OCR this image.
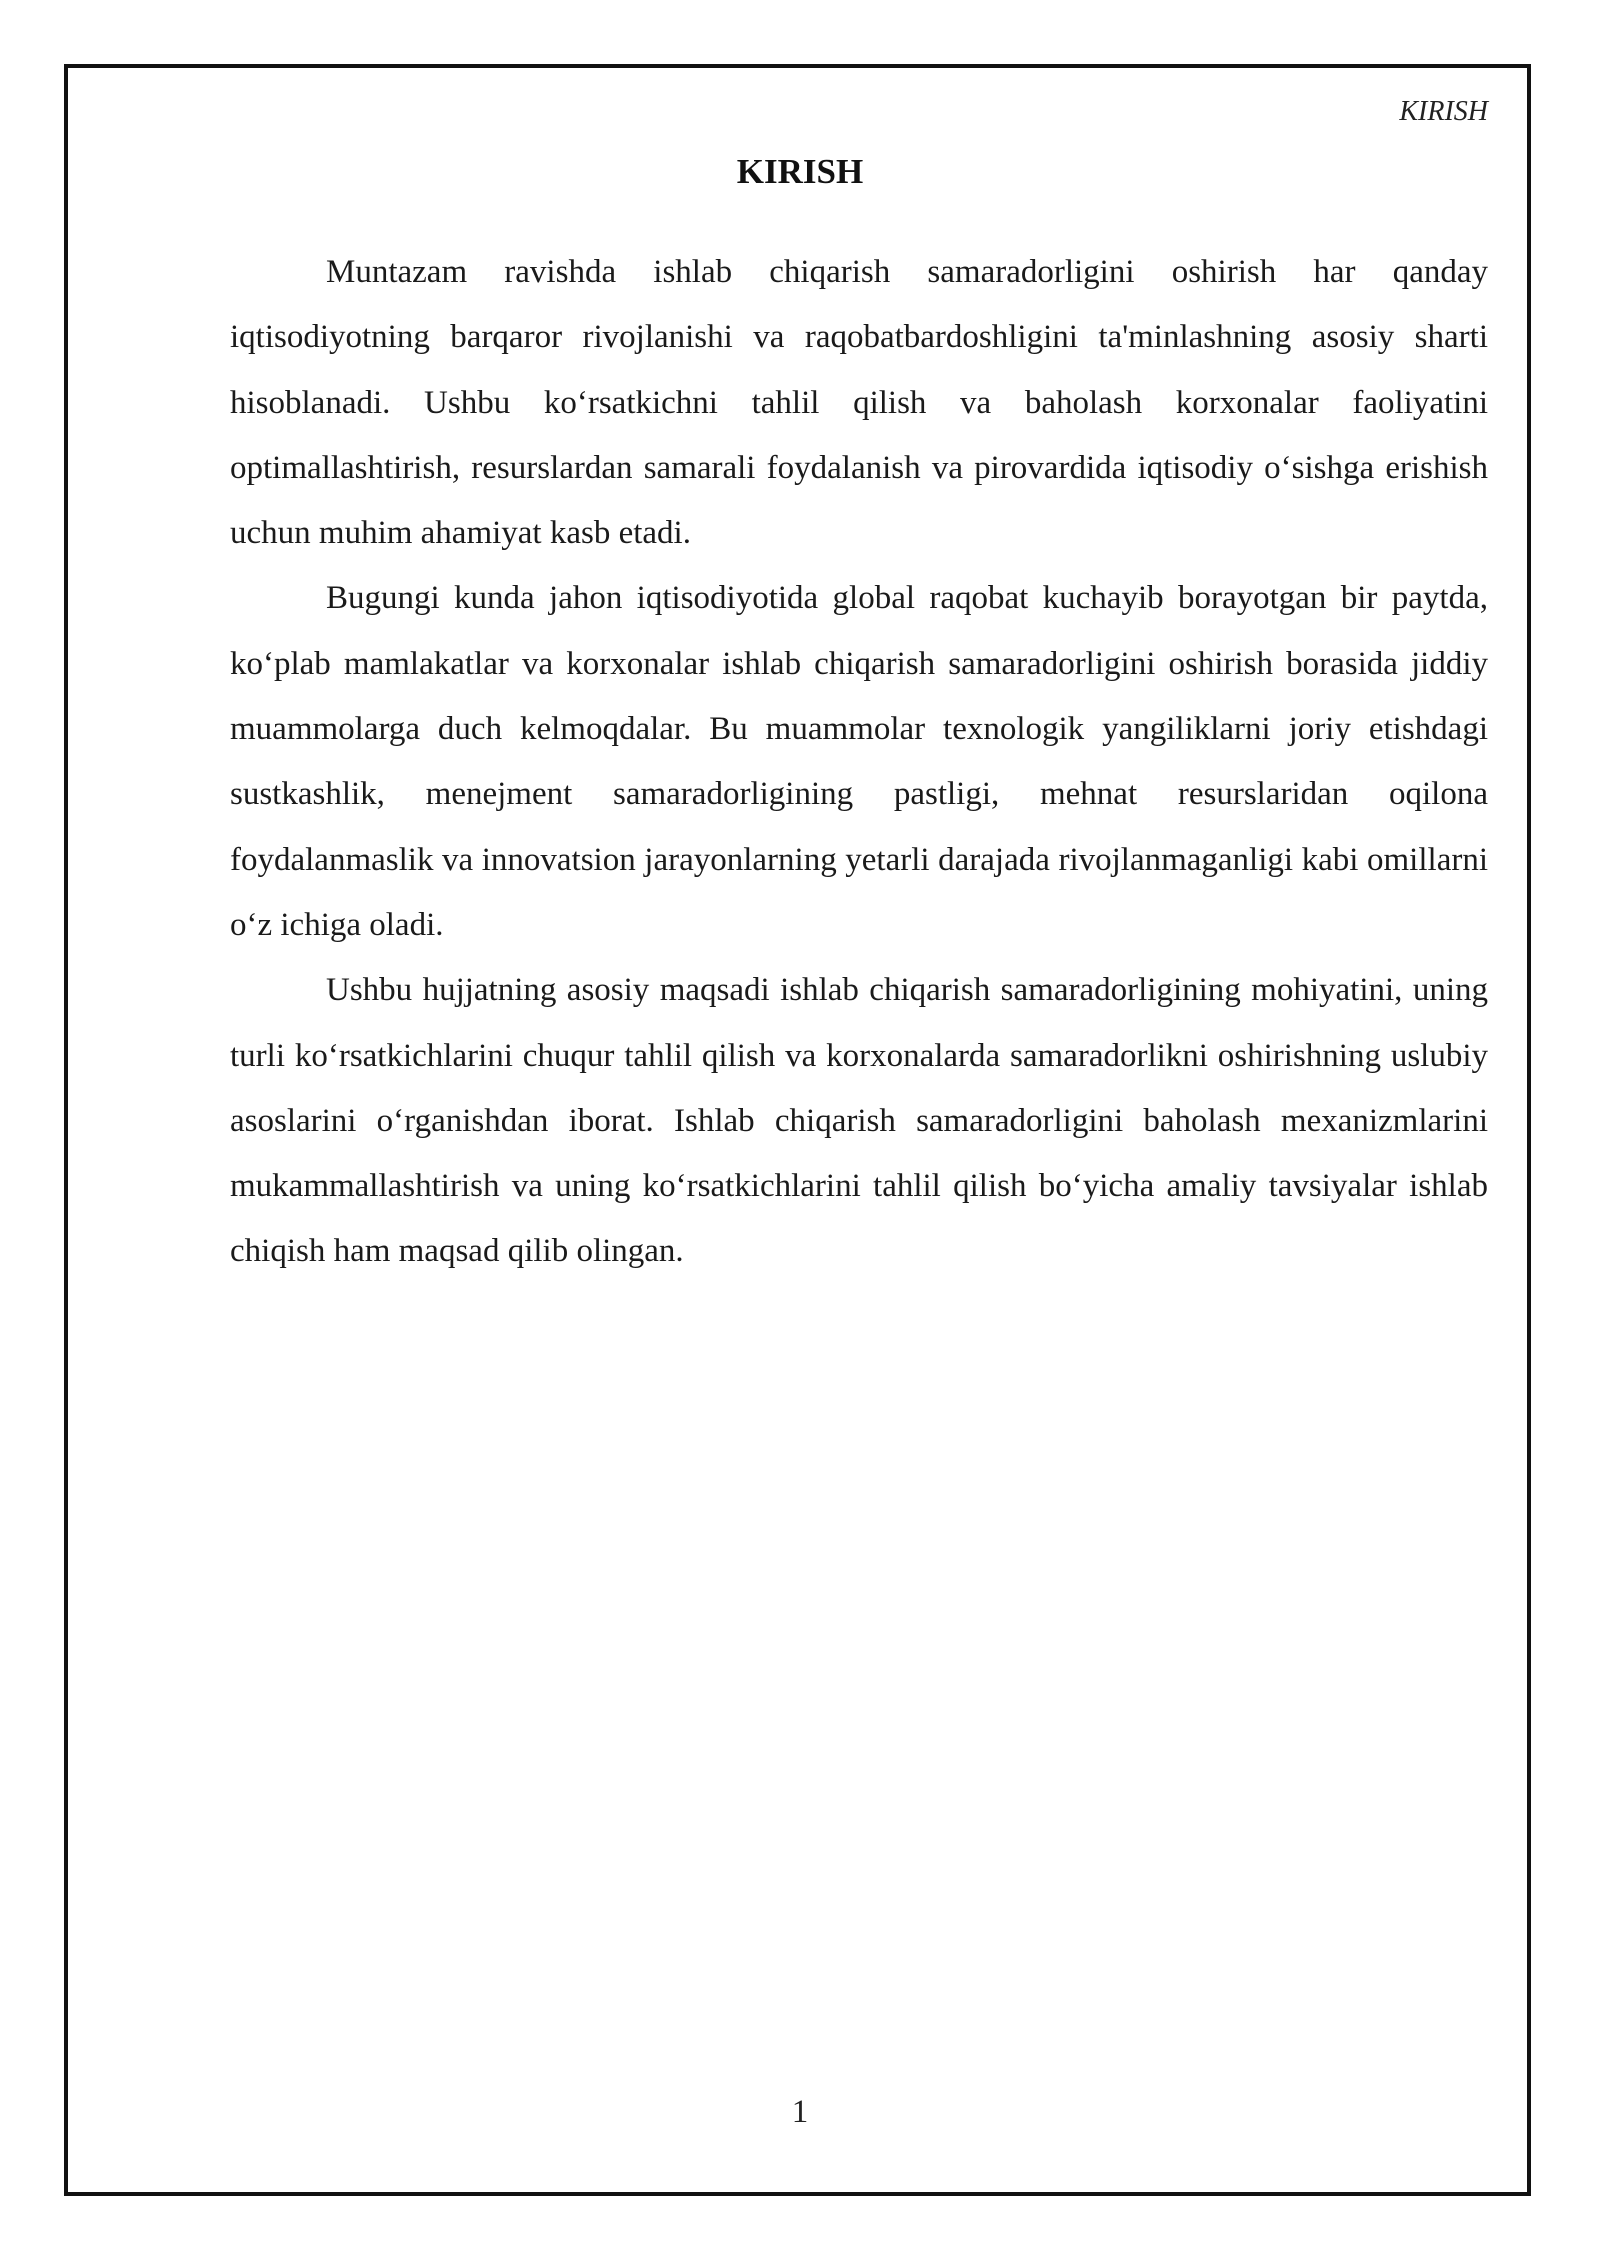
KIRISH
KIRISH

Muntazam ravishda ishlab chiqarish samaradorligini oshirish har qanday iqtisodiyotning barqaror rivojlanishi va raqobatbardoshligini ta'minlashning asosiy sharti hisoblanadi. Ushbu ko‘rsatkichni tahlil qilish va baholash korxonalar faoliyatini optimallashtirish, resurslardan samarali foydalanish va pirovardida iqtisodiy o‘sishga erishish uchun muhim ahamiyat kasb etadi.

Bugungi kunda jahon iqtisodiyotida global raqobat kuchayib borayotgan bir paytda, ko‘plab mamlakatlar va korxonalar ishlab chiqarish samaradorligini oshirish borasida jiddiy muammolarga duch kelmoqdalar. Bu muammolar texnologik yangiliklarni joriy etishdagi sustkashlik, menejment samaradorligining pastligi, mehnat resurslaridan oqilona foydalanmaslik va innovatsion jarayonlarning yetarli darajada rivojlanmaganligi kabi omillarni o‘z ichiga oladi.

Ushbu hujjatning asosiy maqsadi ishlab chiqarish samaradorligining mohiyatini, uning turli ko‘rsatkichlarini chuqur tahlil qilish va korxonalarda samaradorlikni oshirishning uslubiy asoslarini o‘rganishdan iborat. Ishlab chiqarish samaradorligini baholash mexanizmlarini mukammallashtirish va uning ko‘rsatkichlarini tahlil qilish bo‘yicha amaliy tavsiyalar ishlab chiqish ham maqsad qilib olingan.

1
